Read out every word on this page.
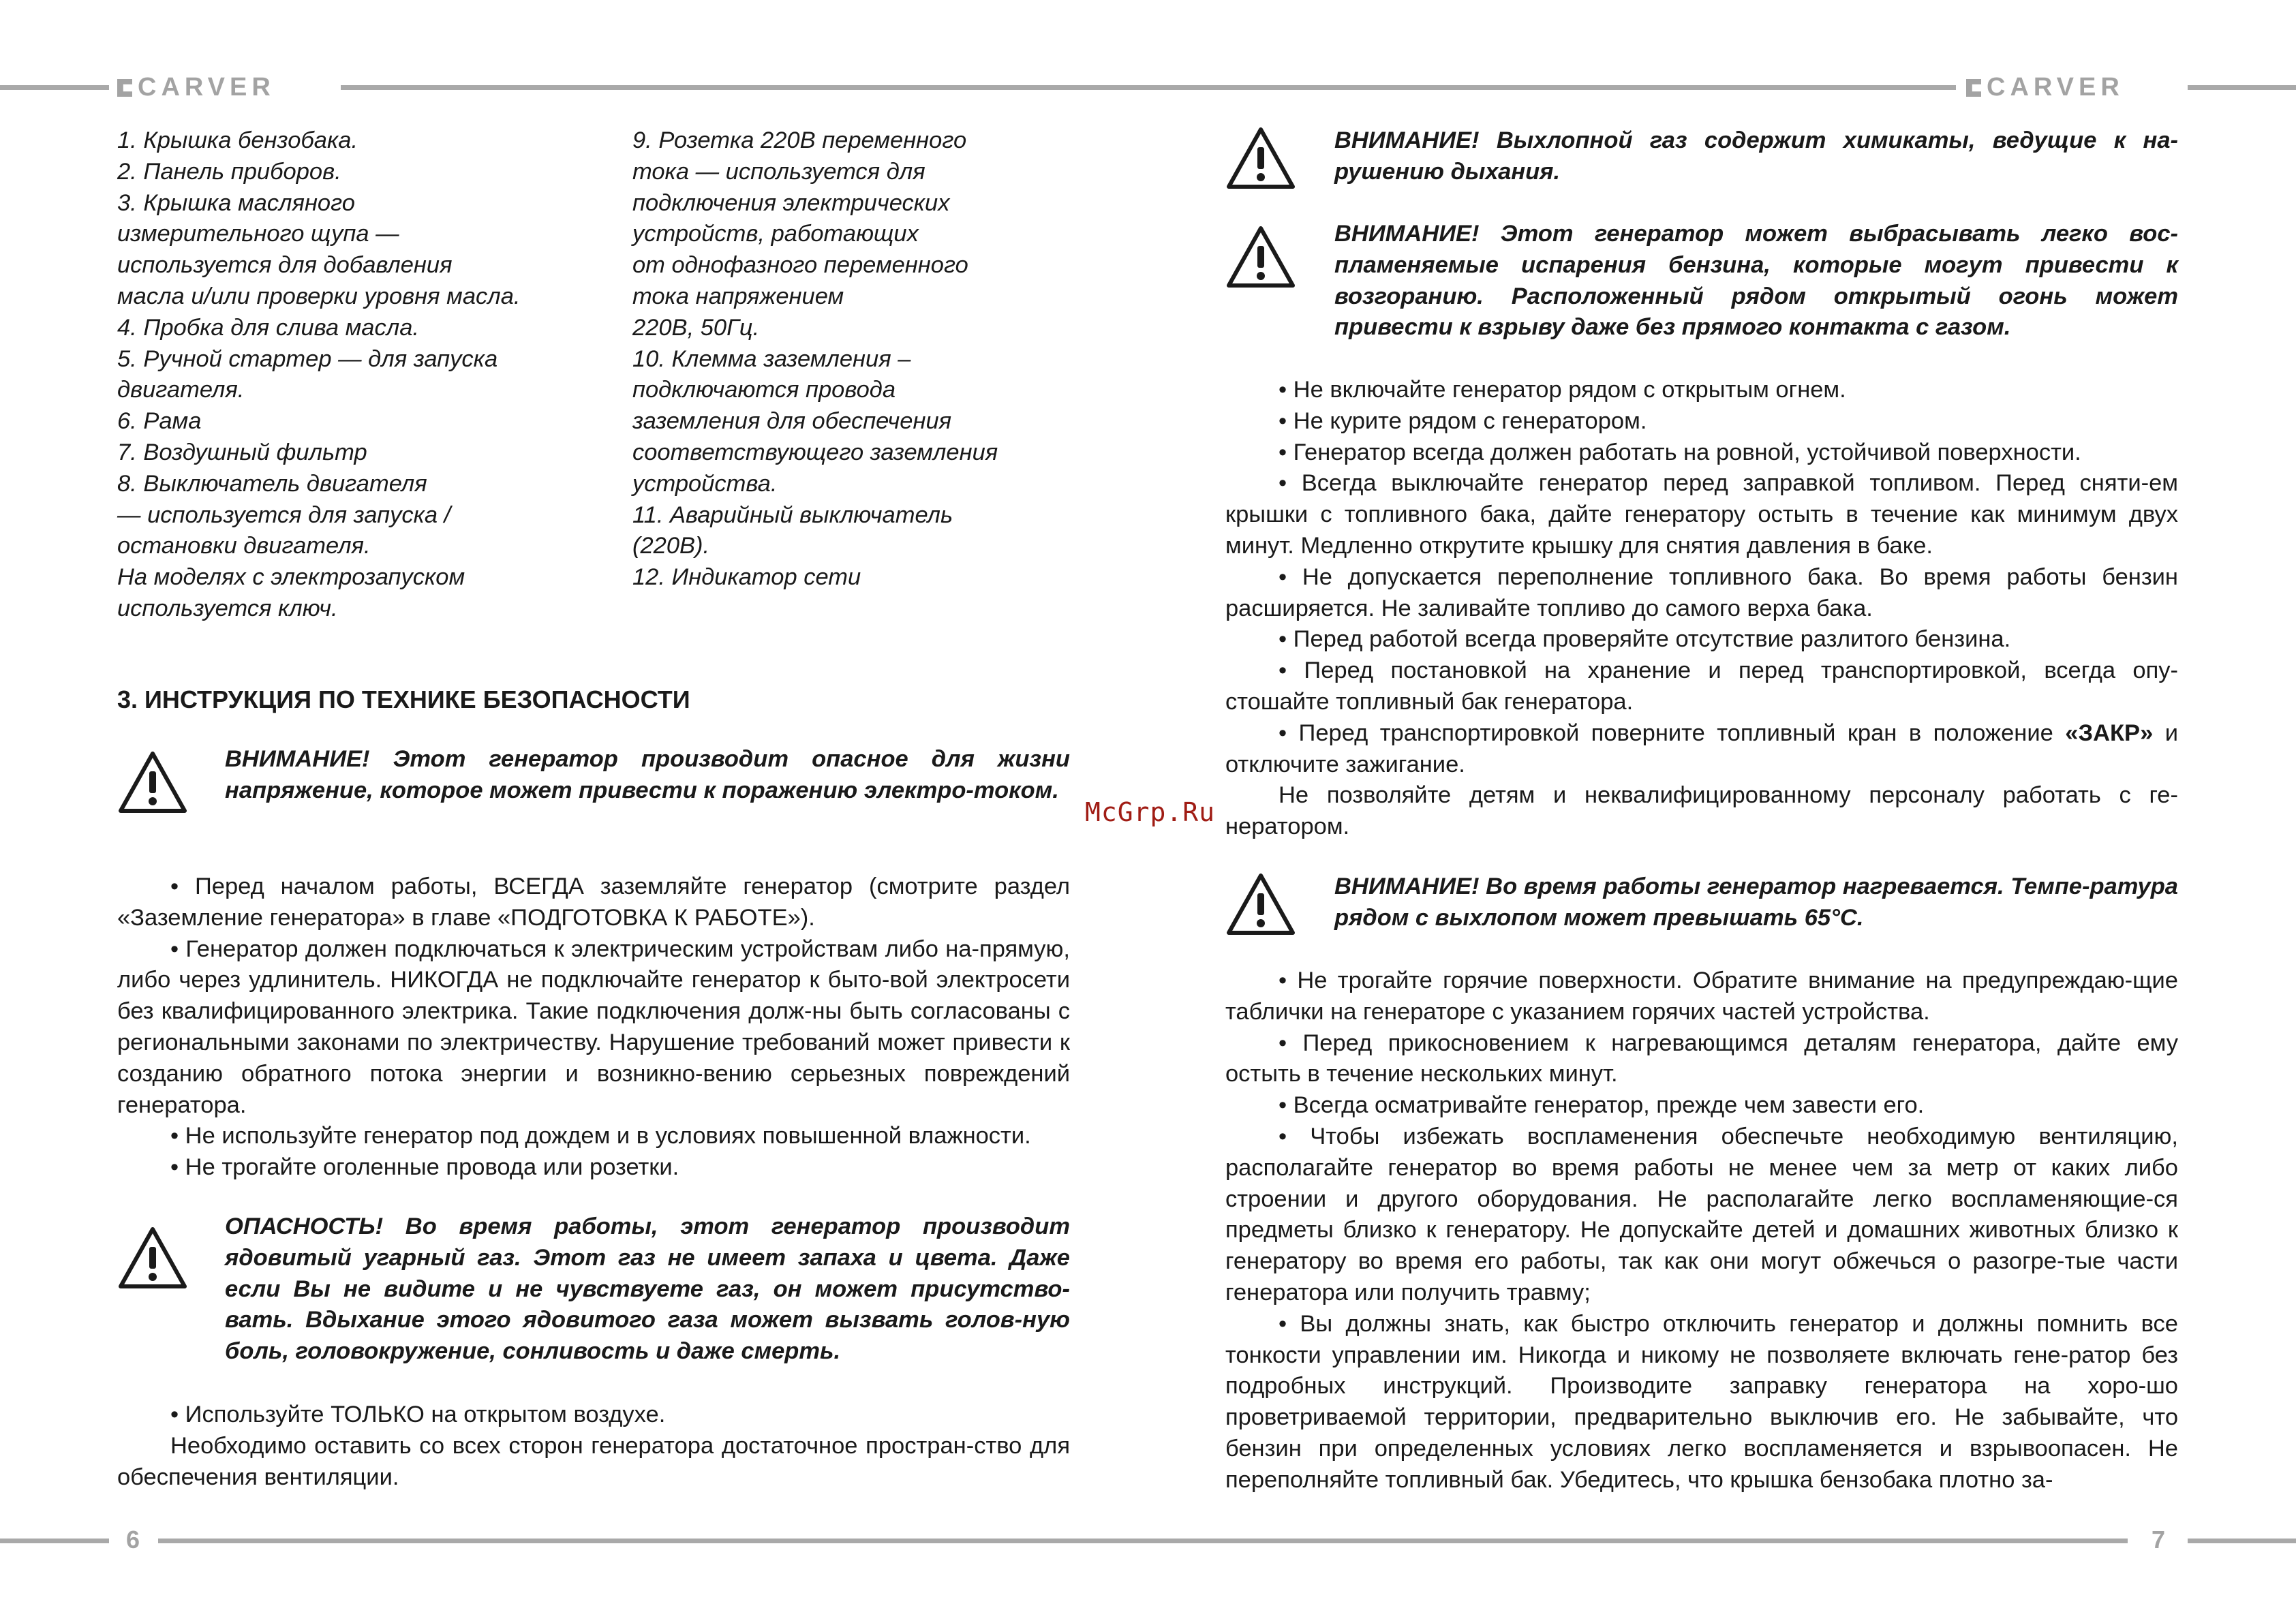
CARVER	CARVER

1. Крышка бензобака.

2. Панель приборов.

3. Крышка масляного

измерительного щупа —

используется для добавления

масла и/или проверки уровня масла.

4. Пробка для слива масла.

5. Ручной стартер — для запуска

двигателя.

6. Рама

7. Воздушный фильтр

8. Выключатель двигателя

— используется для запуска /

остановки двигателя.

На моделях с электрозапуском

используется ключ.

9. Розетка 220В переменного

тока — используется для

подключения электрических

устройств, работающих

от однофазного переменного

тока напряжением

220В, 50Гц.

10. Клемма заземления –

подключаются провода

заземления для обеспечения

соответствующего заземления

устройства.

11. Аварийный выключатель

(220В).

12. Индикатор сети

3. ИНСТРУКЦИЯ ПО ТЕХНИКЕ БЕЗОПАСНОСТИ
ВНИМАНИЕ! Этот генератор производит опасное для жизни напряжение, которое может привести к поражению электро-током.

• Перед началом работы, ВСЕГДА заземляйте генератор (смотрите раздел «Заземление генератора» в главе «ПОДГОТОВКА К РАБОТЕ»).

• Генератор должен подключаться к электрическим устройствам либо на-прямую, либо через удлинитель. НИКОГДА не подключайте генератор к быто-вой электросети без квалифицированного электрика. Такие подключения долж-ны быть согласованы с региональными законами по электричеству. Нарушение требований может привести к созданию обратного потока энергии и возникно-вению серьезных повреждений генератора.

• Не используйте генератор под дождем и в условиях повышенной влажности.

• Не трогайте оголенные провода или розетки.

ОПАСНОСТЬ! Во время работы, этот генератор производит ядовитый угарный газ. Этот газ не имеет запаха и цвета. Даже если Вы не видите и не чувствуете газ, он может присутство-вать. Вдыхание этого ядовитого газа может вызвать голов-ную боль, головокружение, сонливость и даже смерть.

• Используйте ТОЛЬКО на открытом воздухе.

Необходимо оставить со всех сторон генератора достаточное простран-ство для обеспечения вентиляции.

ВНИМАНИЕ! Выхлопной газ содержит химикаты, ведущие к на-рушению дыхания.
ВНИМАНИЕ! Этот генератор может выбрасывать легко вос-пламеняемые испарения бензина, которые могут привести к возгоранию. Расположенный рядом открытый огонь может привести к взрыву даже без прямого контакта с газом.

• Не включайте генератор рядом с открытым огнем.

• Не курите рядом с генератором.

• Генератор всегда должен работать на ровной, устойчивой поверхности.

• Всегда выключайте генератор перед заправкой топливом. Перед сняти-ем крышки с топливного бака, дайте генератору остыть в течение как минимум двух минут. Медленно открутите крышку для снятия давления в баке.

• Не допускается переполнение топливного бака. Во время работы бензин расширяется. Не заливайте топливо до самого верха бака.

• Перед работой всегда проверяйте отсутствие разлитого бензина.

• Перед постановкой на хранение и перед транспортировкой, всегда опу-стошайте топливный бак генератора.

• Перед транспортировкой поверните топливный кран в положение «ЗАКР» и отключите зажигание.

Не позволяйте детям и неквалифицированному персоналу работать с ге-нератором.

ВНИМАНИЕ! Во время работы генератор нагревается. Темпе-ратура рядом с выхлопом может превышать 65°С.

• Не трогайте горячие поверхности. Обратите внимание на предупреждаю-щие таблички на генераторе с указанием горячих частей устройства.

• Перед прикосновением к нагревающимся деталям генератора, дайте ему остыть в течение нескольких минут.

• Всегда осматривайте генератор, прежде чем завести его.

• Чтобы избежать воспламенения обеспечьте необходимую вентиляцию, располагайте генератор во время работы не менее чем за метр от каких либо строении и другого оборудования. Не располагайте легко воспламеняющие-ся предметы близко к генератору. Не допускайте детей и домашних животных близко к генератору во время его работы, так как они могут обжечься о разогре-тые части генератора или получить травму;

• Вы должны знать, как быстро отключить генератор и должны помнить все тонкости управлении им. Никогда и никому не позволяете включать гене-ратор без подробных инструкций. Производите заправку генератора на хоро-шо проветриваемой территории, предварительно выключив его. Не забывайте, что бензин при определенных условиях легко воспламеняется и взрывоопасен. Не переполняйте топливный бак. Убедитесь, что крышка бензобака плотно за-

McGrp.Ru
6	7
